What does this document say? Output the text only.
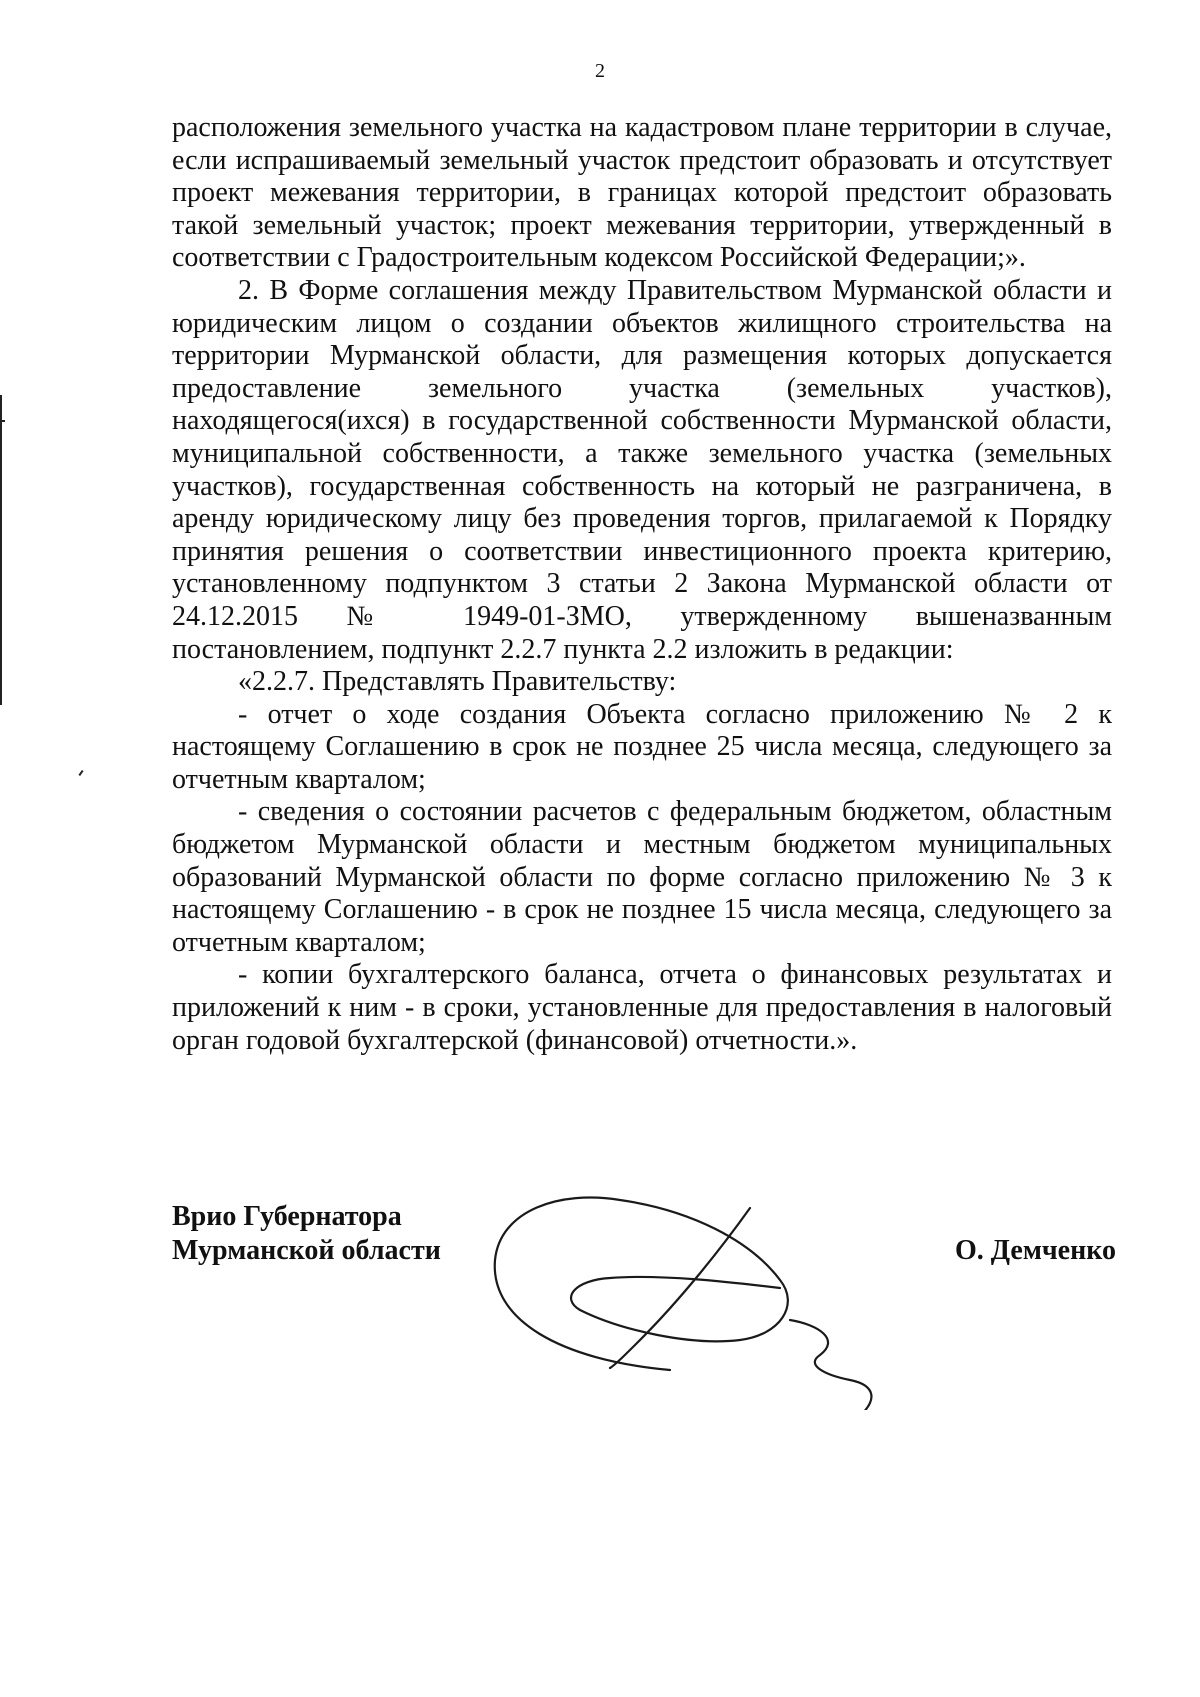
2

расположения земельного участка на кадастровом плане территории в случае, если испрашиваемый земельный участок предстоит образовать и отсутствует проект межевания территории, в границах которой предстоит образовать такой земельный участок; проект межевания территории, утвержденный в соответствии с Градостроительным кодексом Российской Федерации;».

2. В Форме соглашения между Правительством Мурманской области и юридическим лицом о создании объектов жилищного строительства на территории Мурманской области, для размещения которых допускается предоставление земельного участка (земельных участков), находящегося(ихся) в государственной собственности Мурманской области, муниципальной собственности, а также земельного участка (земельных участков), государственная собственность на который не разграничена, в аренду юридическому лицу без проведения торгов, прилагаемой к Порядку принятия решения о соответствии инвестиционного проекта критерию, установленному подпунктом 3 статьи 2 Закона Мурманской области от 24.12.2015 № 1949-01-ЗМО, утвержденному вышеназванным постановлением, подпункт 2.2.7 пункта 2.2 изложить в редакции:

«2.2.7. Представлять Правительству:

- отчет о ходе создания Объекта согласно приложению № 2 к настоящему Соглашению в срок не позднее 25 числа месяца, следующего за отчетным кварталом;

- сведения о состоянии расчетов с федеральным бюджетом, областным бюджетом Мурманской области и местным бюджетом муниципальных образований Мурманской области по форме согласно приложению № 3 к настоящему Соглашению - в срок не позднее 15 числа месяца, следующего за отчетным кварталом;

- копии бухгалтерского баланса, отчета о финансовых результатах и приложений к ним - в сроки, установленные для предоставления в налоговый орган годовой бухгалтерской (финансовой) отчетности.».

Врио Губернатора
Мурманской области	О. Демченко
